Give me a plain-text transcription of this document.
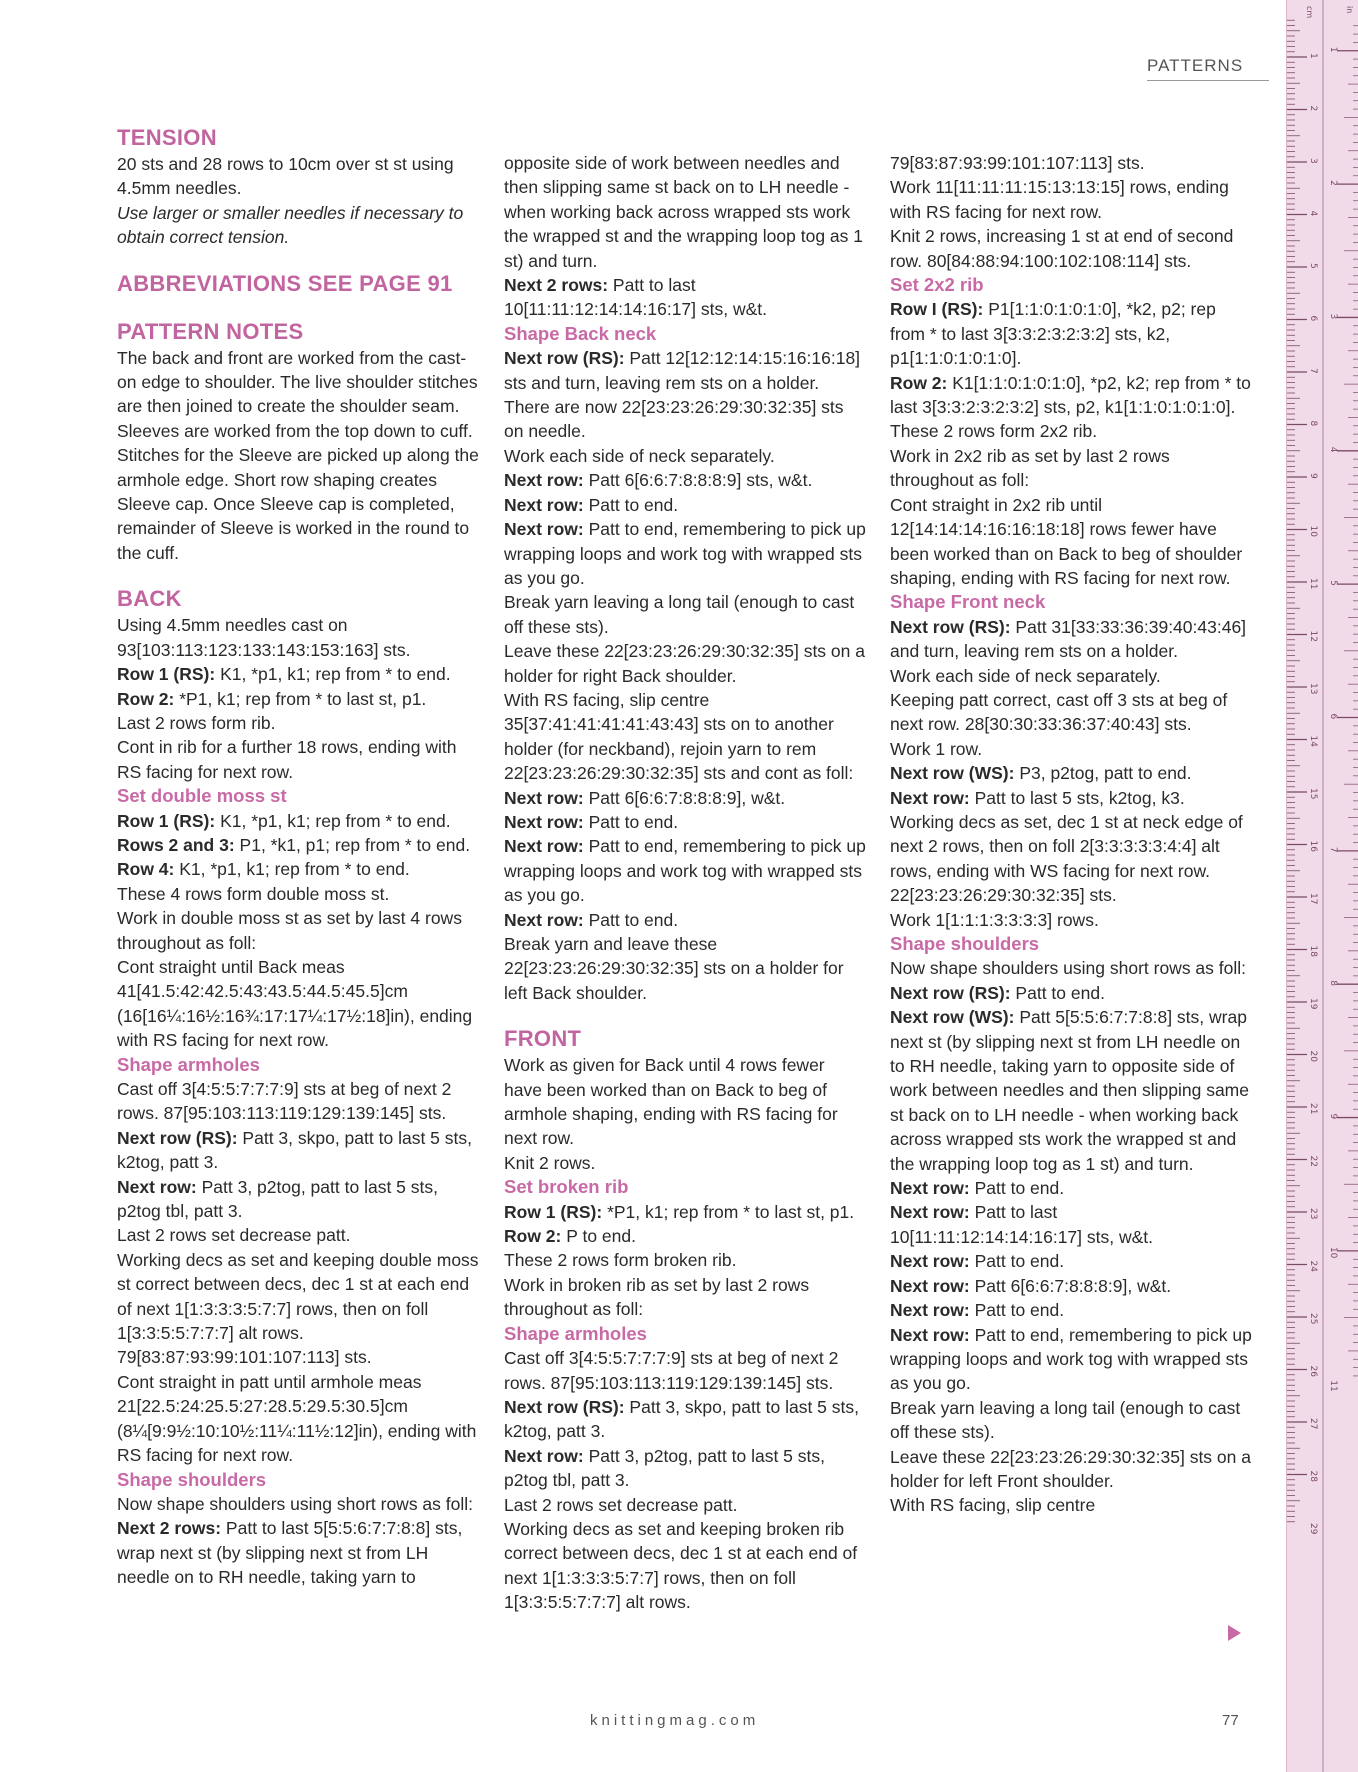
PATTERNS
TENSION

20 sts and 28 rows to 10cm over st st using 4.5mm needles.

Use larger or smaller needles if necessary to obtain correct tension.

ABBREVIATIONS SEE PAGE 91
PATTERN NOTES

The back and front are worked from the cast-on edge to shoulder. The live shoulder stitches are then joined to create the shoulder seam.

Sleeves are worked from the top down to cuff. Stitches for the Sleeve are picked up along the armhole edge. Short row shaping creates Sleeve cap. Once Sleeve cap is completed, remainder of Sleeve is worked in the round to the cuff.

BACK

Using 4.5mm needles cast on 93[103:113:123:133:143:153:163] sts.

Row 1 (RS): K1, *p1, k1; rep from * to end.

Row 2: *P1, k1; rep from * to last st, p1.

Last 2 rows form rib.

Cont in rib for a further 18 rows, ending with RS facing for next row.

Set double moss st

Row 1 (RS): K1, *p1, k1; rep from * to end.

Rows 2 and 3: P1, *k1, p1; rep from * to end.

Row 4: K1, *p1, k1; rep from * to end.

These 4 rows form double moss st.

Work in double moss st as set by last 4 rows throughout as foll:

Cont straight until Back meas 41[41.5:42:42.5:43:43.5:44.5:45.5]cm (16[16¼:16½:16¾:17:17¼:17½:18]in), ending with RS facing for next row.

Shape armholes

Cast off 3[4:5:5:7:7:7:9] sts at beg of next 2 rows. 87[95:103:113:119:129:139:145] sts.

Next row (RS): Patt 3, skpo, patt to last 5 sts, k2tog, patt 3.

Next row: Patt 3, p2tog, patt to last 5 sts, p2tog tbl, patt 3.

Last 2 rows set decrease patt.

Working decs as set and keeping double moss st correct between decs, dec 1 st at each end of next 1[1:3:3:3:5:7:7] rows, then on foll 1[3:3:5:5:7:7:7] alt rows. 79[83:87:93:99:101:107:113] sts.

Cont straight in patt until armhole meas 21[22.5:24:25.5:27:28.5:29.5:30.5]cm (8¼[9:9½:10:10½:11¼:11½:12]in), ending with RS facing for next row.

Shape shoulders

Now shape shoulders using short rows as foll:

Next 2 rows: Patt to last 5[5:5:6:7:7:8:8] sts, wrap next st (by slipping next st from LH needle on to RH needle, taking yarn to

opposite side of work between needles and then slipping same st back on to LH needle - when working back across wrapped sts work the wrapped st and the wrapping loop tog as 1 st) and turn.

Next 2 rows: Patt to last 10[11:11:12:14:14:16:17] sts, w&t.

Shape Back neck

Next row (RS): Patt 12[12:12:14:15:16:16:18] sts and turn, leaving rem sts on a holder.

There are now 22[23:23:26:29:30:32:35] sts on needle.

Work each side of neck separately.

Next row: Patt 6[6:6:7:8:8:8:9] sts, w&t.

Next row: Patt to end.

Next row: Patt to end, remembering to pick up wrapping loops and work tog with wrapped sts as you go.

Break yarn leaving a long tail (enough to cast off these sts).

Leave these 22[23:23:26:29:30:32:35] sts on a holder for right Back shoulder.

With RS facing, slip centre 35[37:41:41:41:41:43:43] sts on to another holder (for neckband), rejoin yarn to rem 22[23:23:26:29:30:32:35] sts and cont as foll:

Next row: Patt 6[6:6:7:8:8:8:9], w&t.

Next row: Patt to end.

Next row: Patt to end, remembering to pick up wrapping loops and work tog with wrapped sts as you go.

Next row: Patt to end.

Break yarn and leave these 22[23:23:26:29:30:32:35] sts on a holder for left Back shoulder.

FRONT

Work as given for Back until 4 rows fewer have been worked than on Back to beg of armhole shaping, ending with RS facing for next row.

Knit 2 rows.

Set broken rib

Row 1 (RS): *P1, k1; rep from * to last st, p1.

Row 2: P to end.

These 2 rows form broken rib.

Work in broken rib as set by last 2 rows throughout as foll:

Shape armholes

Cast off 3[4:5:5:7:7:7:9] sts at beg of next 2 rows. 87[95:103:113:119:129:139:145] sts.

Next row (RS): Patt 3, skpo, patt to last 5 sts, k2tog, patt 3.

Next row: Patt 3, p2tog, patt to last 5 sts, p2tog tbl, patt 3.

Last 2 rows set decrease patt.

Working decs as set and keeping broken rib correct between decs, dec 1 st at each end of next 1[1:3:3:3:5:7:7] rows, then on foll 1[3:3:5:5:7:7:7] alt rows.

79[83:87:93:99:101:107:113] sts.

Work 11[11:11:11:15:13:13:15] rows, ending with RS facing for next row.

Knit 2 rows, increasing 1 st at end of second row. 80[84:88:94:100:102:108:114] sts.

Set 2x2 rib

Row I (RS): P1[1:1:0:1:0:1:0], *k2, p2; rep from * to last 3[3:3:2:3:2:3:2] sts, k2, p1[1:1:0:1:0:1:0].

Row 2: K1[1:1:0:1:0:1:0], *p2, k2; rep from * to last 3[3:3:2:3:2:3:2] sts, p2, k1[1:1:0:1:0:1:0].

These 2 rows form 2x2 rib.

Work in 2x2 rib as set by last 2 rows throughout as foll:

Cont straight in 2x2 rib until 12[14:14:14:16:16:18:18] rows fewer have been worked than on Back to beg of shoulder shaping, ending with RS facing for next row.

Shape Front neck

Next row (RS): Patt 31[33:33:36:39:40:43:46] and turn, leaving rem sts on a holder.

Work each side of neck separately.

Keeping patt correct, cast off 3 sts at beg of next row. 28[30:30:33:36:37:40:43] sts.

Work 1 row.

Next row (WS): P3, p2tog, patt to end.

Next row: Patt to last 5 sts, k2tog, k3.

Working decs as set, dec 1 st at neck edge of next 2 rows, then on foll 2[3:3:3:3:3:4:4] alt rows, ending with WS facing for next row. 22[23:23:26:29:30:32:35] sts.

Work 1[1:1:1:3:3:3:3] rows.

Shape shoulders

Now shape shoulders using short rows as foll:

Next row (RS): Patt to end.

Next row (WS): Patt 5[5:5:6:7:7:8:8] sts, wrap next st (by slipping next st from LH needle on to RH needle, taking yarn to opposite side of work between needles and then slipping same st back on to LH needle - when working back across wrapped sts work the wrapped st and the wrapping loop tog as 1 st) and turn.

Next row: Patt to end.

Next row: Patt to last 10[11:11:12:14:14:16:17] sts, w&t.

Next row: Patt to end.

Next row: Patt 6[6:6:7:8:8:8:9], w&t.

Next row: Patt to end.

Next row: Patt to end, remembering to pick up wrapping loops and work tog with wrapped sts as you go.

Break yarn leaving a long tail (enough to cast off these sts).

Leave these 22[23:23:26:29:30:32:35] sts on a holder for left Front shoulder.

With RS facing, slip centre

knittingmag.com	77
cm	in
1
2
3
4
5
6
7
8
9
10
11
12
13
14
15
16
17
18
19
20
21
22
23
24
25
26
27
28
29
1
2
3
4
5
6
7
8
9
10
11
